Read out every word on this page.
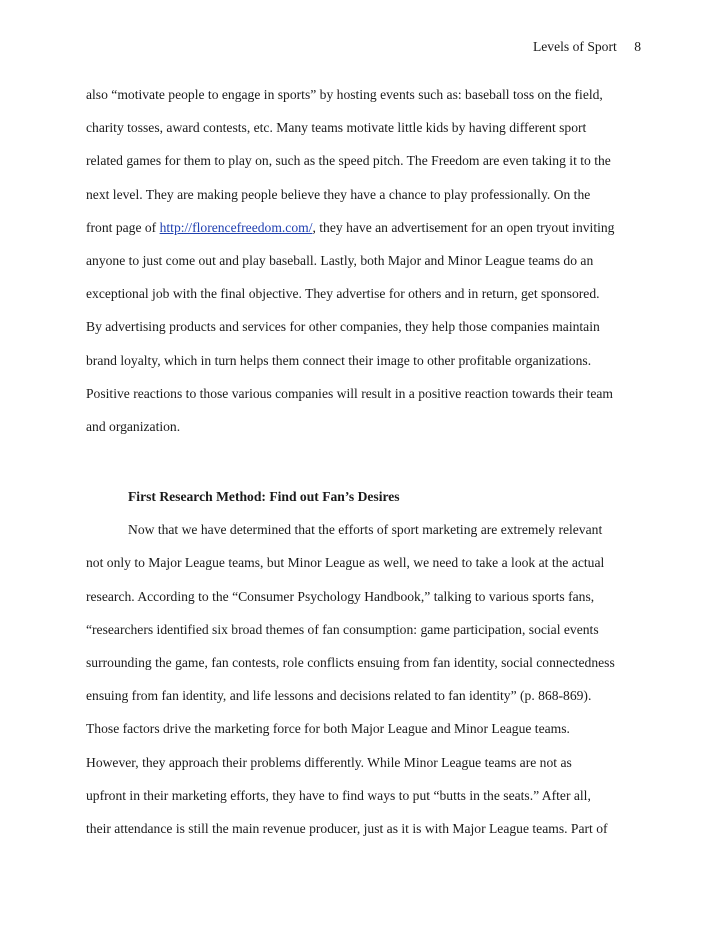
Levels of Sport 8
also “motivate people to engage in sports” by hosting events such as: baseball toss on the field,
charity tosses, award contests, etc. Many teams motivate little kids by having different sport
related games for them to play on, such as the speed pitch. The Freedom are even taking it to the
next level. They are making people believe they have a chance to play professionally. On the
front page of http://florencefreedom.com/, they have an advertisement for an open tryout inviting
anyone to just come out and play baseball. Lastly, both Major and Minor League teams do an
exceptional job with the final objective. They advertise for others and in return, get sponsored.
By advertising products and services for other companies, they help those companies maintain
brand loyalty, which in turn helps them connect their image to other profitable organizations.
Positive reactions to those various companies will result in a positive reaction towards their team
and organization.
First Research Method: Find out Fan’s Desires
Now that we have determined that the efforts of sport marketing are extremely relevant
not only to Major League teams, but Minor League as well, we need to take a look at the actual
research. According to the “Consumer Psychology Handbook,” talking to various sports fans,
“researchers identified six broad themes of fan consumption: game participation, social events
surrounding the game, fan contests, role conflicts ensuing from fan identity, social connectedness
ensuing from fan identity, and life lessons and decisions related to fan identity” (p. 868-869).
Those factors drive the marketing force for both Major League and Minor League teams.
However, they approach their problems differently. While Minor League teams are not as
upfront in their marketing efforts, they have to find ways to put “butts in the seats.” After all,
their attendance is still the main revenue producer, just as it is with Major League teams. Part of
